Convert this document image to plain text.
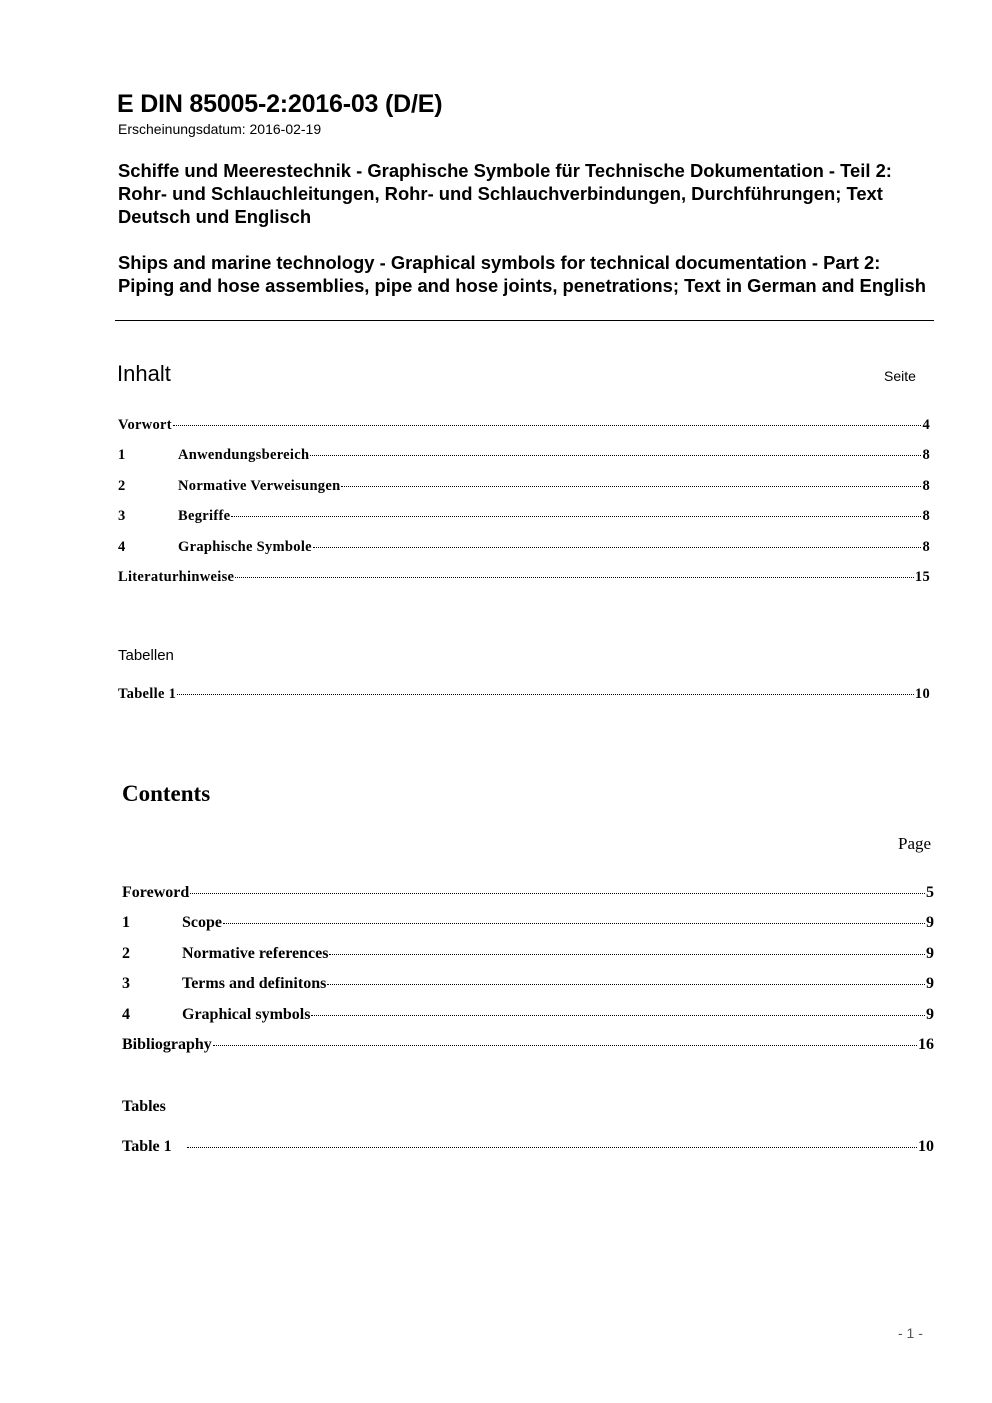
E DIN 85005-2:2016-03 (D/E)
Erscheinungsdatum: 2016-02-19
Schiffe und Meerestechnik - Graphische Symbole für Technische Dokumentation - Teil 2: Rohr- und Schlauchleitungen, Rohr- und Schlauchverbindungen, Durchführungen; Text Deutsch und Englisch
Ships and marine technology - Graphical symbols for technical documentation - Part 2: Piping and hose assemblies, pipe and hose joints, penetrations; Text in German and English
Inhalt	Seite
Vorwort	4
1	Anwendungsbereich	8
2	Normative Verweisungen	8
3	Begriffe	8
4	Graphische Symbole	8
Literaturhinweise	15
Tabellen
Tabelle 1	10
Contents
Page
Foreword	5
1	Scope	9
2	Normative references	9
3	Terms and definitons	9
4	Graphical symbols	9
Bibliography	16
Tables
Table 1	10
- 1 -
